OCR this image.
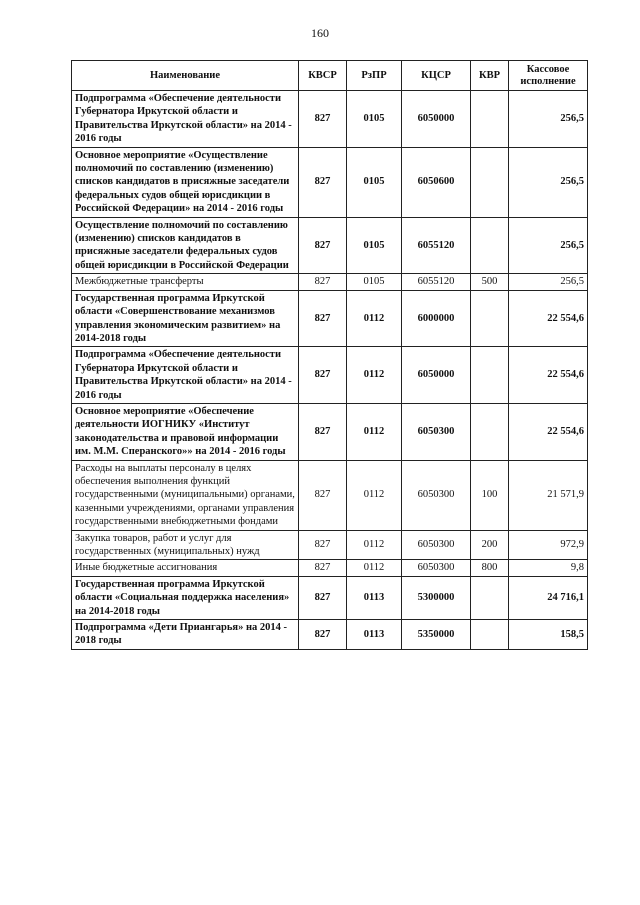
160
Наименование	КВСР	РзПР	КЦСР	КВР	Кассовое исполнение
Подпрограмма «Обеспечение деятельности Губернатора Иркутской области и Правительства Иркутской области» на 2014 - 2016 годы	827	0105	6050000		256,5
Основное мероприятие «Осуществление полномочий по составлению (изменению) списков кандидатов в присяжные заседатели федеральных судов общей юрисдикции в Российской Федерации» на 2014 - 2016 годы	827	0105	6050600		256,5
Осуществление полномочий по составлению (изменению) списков кандидатов в присяжные заседатели федеральных судов общей юрисдикции в Российской Федерации	827	0105	6055120		256,5
Межбюджетные трансферты	827	0105	6055120	500	256,5
Государственная программа Иркутской области «Совершенствование механизмов управления экономическим развитием» на 2014-2018 годы	827	0112	6000000		22 554,6
Подпрограмма «Обеспечение деятельности Губернатора Иркутской области и Правительства Иркутской области» на 2014 - 2016 годы	827	0112	6050000		22 554,6
Основное мероприятие «Обеспечение деятельности ИОГНИКУ «Институт законодательства и правовой информации им. М.М. Сперанского»» на 2014 - 2016 годы	827	0112	6050300		22 554,6
Расходы на выплаты персоналу в целях обеспечения выполнения функций государственными (муниципальными) органами, казенными учреждениями, органами управления государственными внебюджетными фондами	827	0112	6050300	100	21 571,9
Закупка товаров, работ и услуг для государственных (муниципальных) нужд	827	0112	6050300	200	972,9
Иные бюджетные ассигнования	827	0112	6050300	800	9,8
Государственная программа Иркутской области «Социальная поддержка населения» на 2014-2018 годы	827	0113	5300000		24 716,1
Подпрограмма «Дети Приангарья» на 2014 - 2018 годы	827	0113	5350000		158,5
